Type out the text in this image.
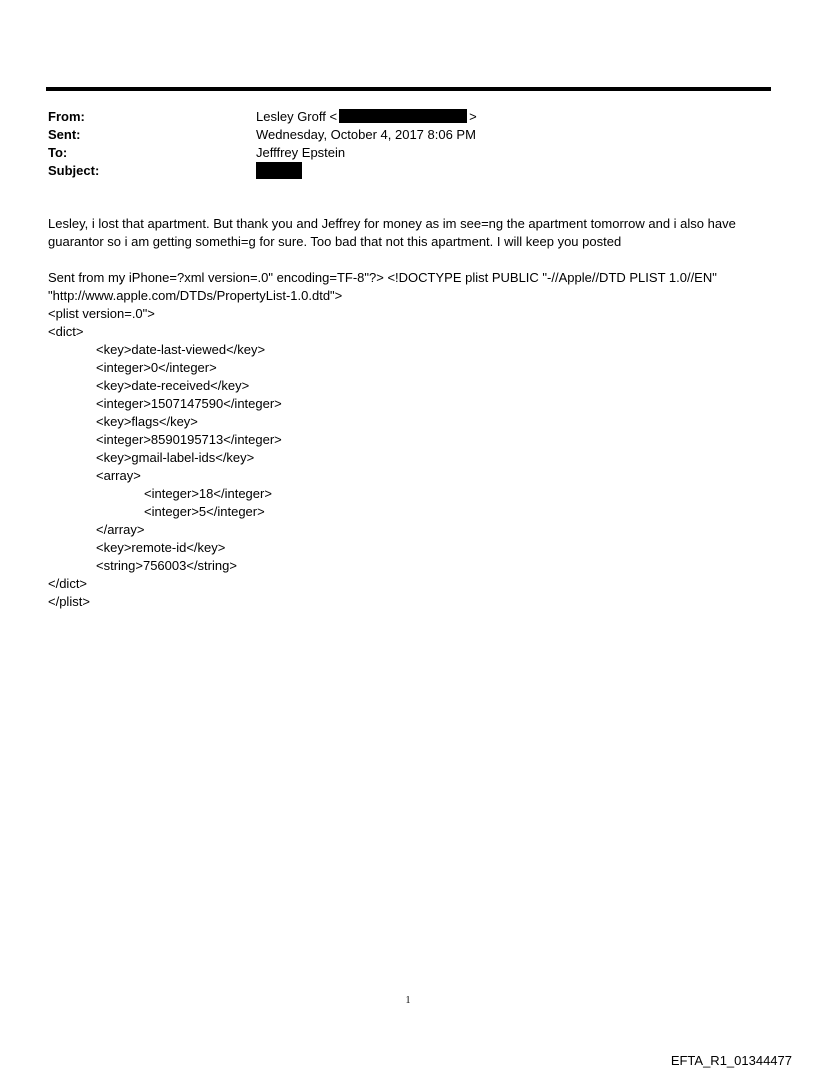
From:	Lesley Groff <	>
Sent:	Wednesday, October 4, 2017 8:06 PM
To:	Jefffrey Epstein
Subject:

Lesley, i lost that apartment. But thank you and Jeffrey for money as im see=ng the apartment tomorrow and i also have guarantor so i am getting somethi=g for sure. Too bad that not this apartment. I will keep you posted

Sent from my iPhone=?xml version=.0" encoding=TF-8"?> <!DOCTYPE plist PUBLIC "-//Apple//DTD PLIST 1.0//EN"
"http://www.apple.com/DTDs/PropertyList-1.0.dtd">
<plist version=.0">
<dict>
<key>date-last-viewed</key>
<integer>0</integer>
<key>date-received</key>
<integer>1507147590</integer>
<key>flags</key>
<integer>8590195713</integer>
<key>gmail-label-ids</key>
<array>
<integer>18</integer>
<integer>5</integer>
</array>
<key>remote-id</key>
<string>756003</string>
</dict>
</plist>
1
EFTA_R1_01344477
